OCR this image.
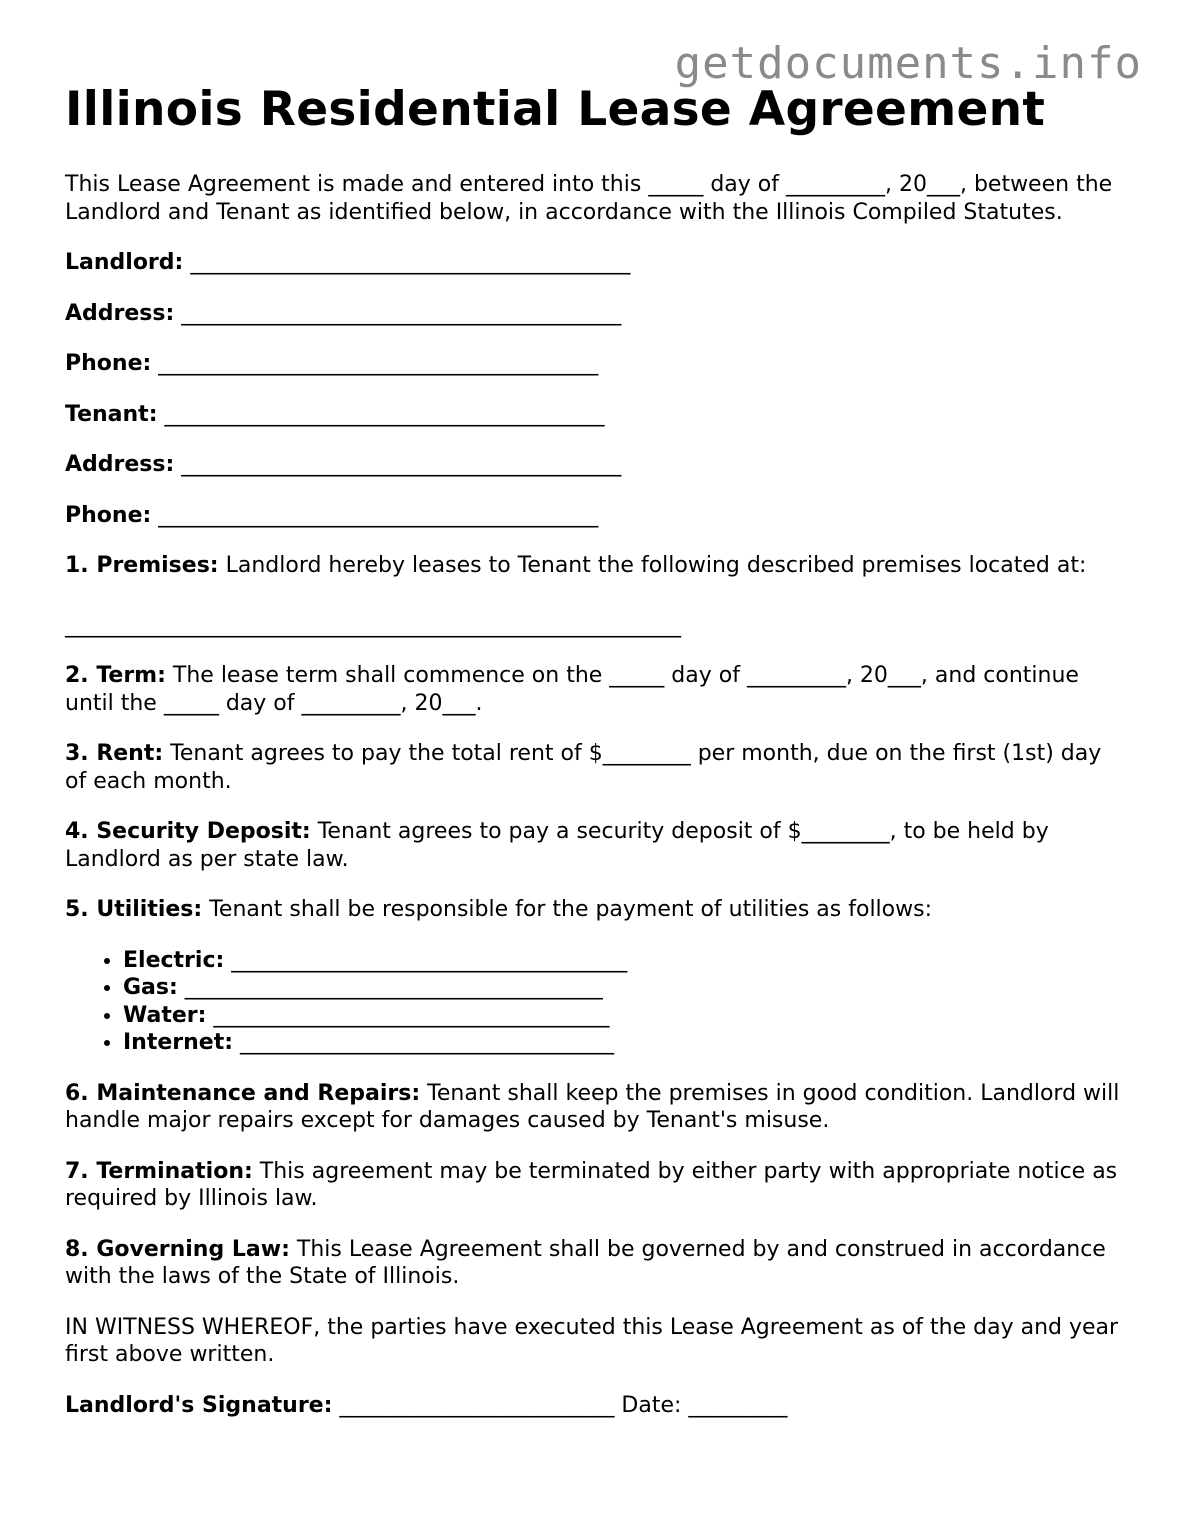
getdocuments.info
Illinois Residential Lease Agreement

This Lease Agreement is made and entered into this _____ day of _________, 20___, between the Landlord and Tenant as identified below, in accordance with the Illinois Compiled Statutes.

Landlord: ________________________________________

Address: ________________________________________

Phone: ________________________________________

Tenant: ________________________________________

Address: ________________________________________

Phone: ________________________________________

1. Premises: Landlord hereby leases to Tenant the following described premises located at:

________________________________________________________

2. Term: The lease term shall commence on the _____ day of _________, 20___, and continue until the _____ day of _________, 20___.

3. Rent: Tenant agrees to pay the total rent of $________ per month, due on the first (1st) day of each month.

4. Security Deposit: Tenant agrees to pay a security deposit of $________, to be held by Landlord as per state law.

5. Utilities: Tenant shall be responsible for the payment of utilities as follows:

• Electric: ____________________________________
• Gas: ______________________________________
• Water: ____________________________________
• Internet: __________________________________

6. Maintenance and Repairs: Tenant shall keep the premises in good condition. Landlord will handle major repairs except for damages caused by Tenant's misuse.

7. Termination: This agreement may be terminated by either party with appropriate notice as required by Illinois law.

8. Governing Law: This Lease Agreement shall be governed by and construed in accordance with the laws of the State of Illinois.

IN WITNESS WHEREOF, the parties have executed this Lease Agreement as of the day and year first above written.

Landlord's Signature: _________________________ Date: _________
